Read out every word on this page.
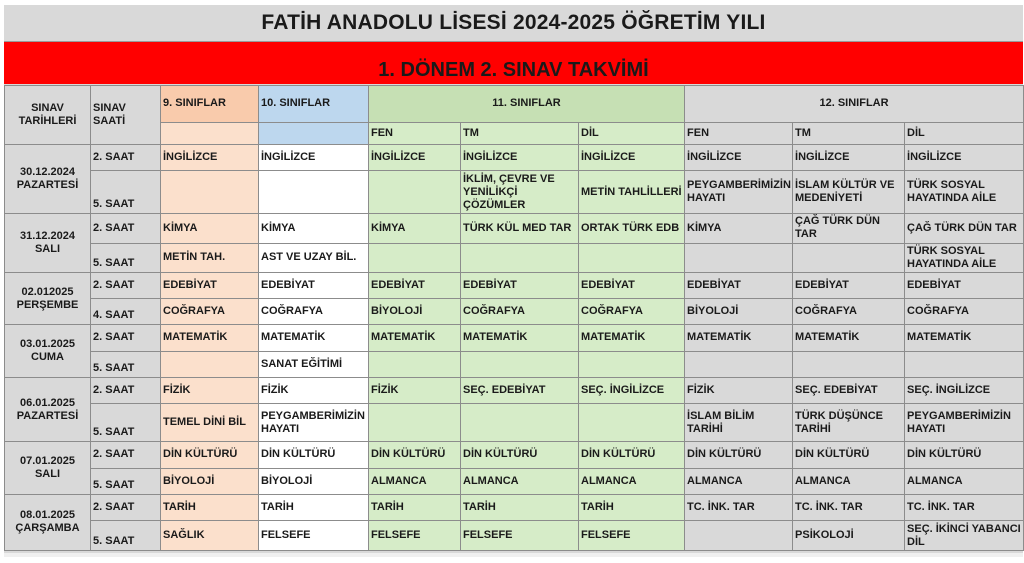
FATİH ANADOLU LİSESİ 2024-2025 ÖĞRETİM YILI
1. DÖNEM 2. SINAV TAKVİMİ
SINAV TARİHLERİ	SINAV SAATİ	9. SINIFLAR	10. SINIFLAR	11. SINIFLAR			12. SINIFLAR		
				FEN	TM	DİL	FEN	TM	DİL

30.12.2024
PAZARTESİ	2. SAAT	İNGİLİZCE	İNGİLİZCE	İNGİLİZCE	İNGİLİZCE	İNGİLİZCE	İNGİLİZCE	İNGİLİZCE	İNGİLİZCE
	5. SAAT				İKLİM, ÇEVRE VE YENİLİKÇİ ÇÖZÜMLER	METİN TAHLİLLERİ	PEYGAMBERİMİZİN HAYATI	İSLAM KÜLTÜR VE MEDENİYETİ	TÜRK SOSYAL HAYATINDA AİLE

31.12.2024
SALI	2. SAAT	KİMYA	KİMYA	KİMYA	TÜRK KÜL MED TAR	ORTAK TÜRK EDB	KİMYA	ÇAĞ TÜRK DÜN TAR	ÇAĞ TÜRK DÜN TAR
	5. SAAT	METİN TAH.	AST VE UZAY BİL.						TÜRK SOSYAL HAYATINDA AİLE

02.012025
PERŞEMBE	2. SAAT	EDEBİYAT	EDEBİYAT	EDEBİYAT	EDEBİYAT	EDEBİYAT	EDEBİYAT	EDEBİYAT	EDEBİYAT
	4. SAAT	COĞRAFYA	COĞRAFYA	BİYOLOJİ	COĞRAFYA	COĞRAFYA	BİYOLOJİ	COĞRAFYA	COĞRAFYA

03.01.2025
CUMA	2. SAAT	MATEMATİK	MATEMATİK	MATEMATİK	MATEMATİK	MATEMATİK	MATEMATİK	MATEMATİK	MATEMATİK
	5. SAAT		SANAT EĞİTİMİ						

06.01.2025
PAZARTESİ	2. SAAT	FİZİK	FİZİK	FİZİK	SEÇ. EDEBİYAT	SEÇ. İNGİLİZCE	FİZİK	SEÇ. EDEBİYAT	SEÇ. İNGİLİZCE
	5. SAAT	TEMEL DİNİ BİL	PEYGAMBERİMİZİN HAYATI				İSLAM BİLİM TARİHİ	TÜRK DÜŞÜNCE TARİHİ	PEYGAMBERİMİZİN HAYATI

07.01.2025
SALI	2. SAAT	DİN KÜLTÜRÜ	DİN KÜLTÜRÜ	DİN KÜLTÜRÜ	DİN KÜLTÜRÜ	DİN KÜLTÜRÜ	DİN KÜLTÜRÜ	DİN KÜLTÜRÜ	DİN KÜLTÜRÜ
	5. SAAT	BİYOLOJİ	BİYOLOJİ	ALMANCA	ALMANCA	ALMANCA	ALMANCA	ALMANCA	ALMANCA

08.01.2025
ÇARŞAMBA	2. SAAT	TARİH	TARİH	TARİH	TARİH	TARİH	TC. İNK. TAR	TC. İNK. TAR	TC. İNK. TAR
	5. SAAT	SAĞLIK	FELSEFE	FELSEFE	FELSEFE	FELSEFE		PSİKOLOJİ	SEÇ. İKİNCİ YABANCI DİL
